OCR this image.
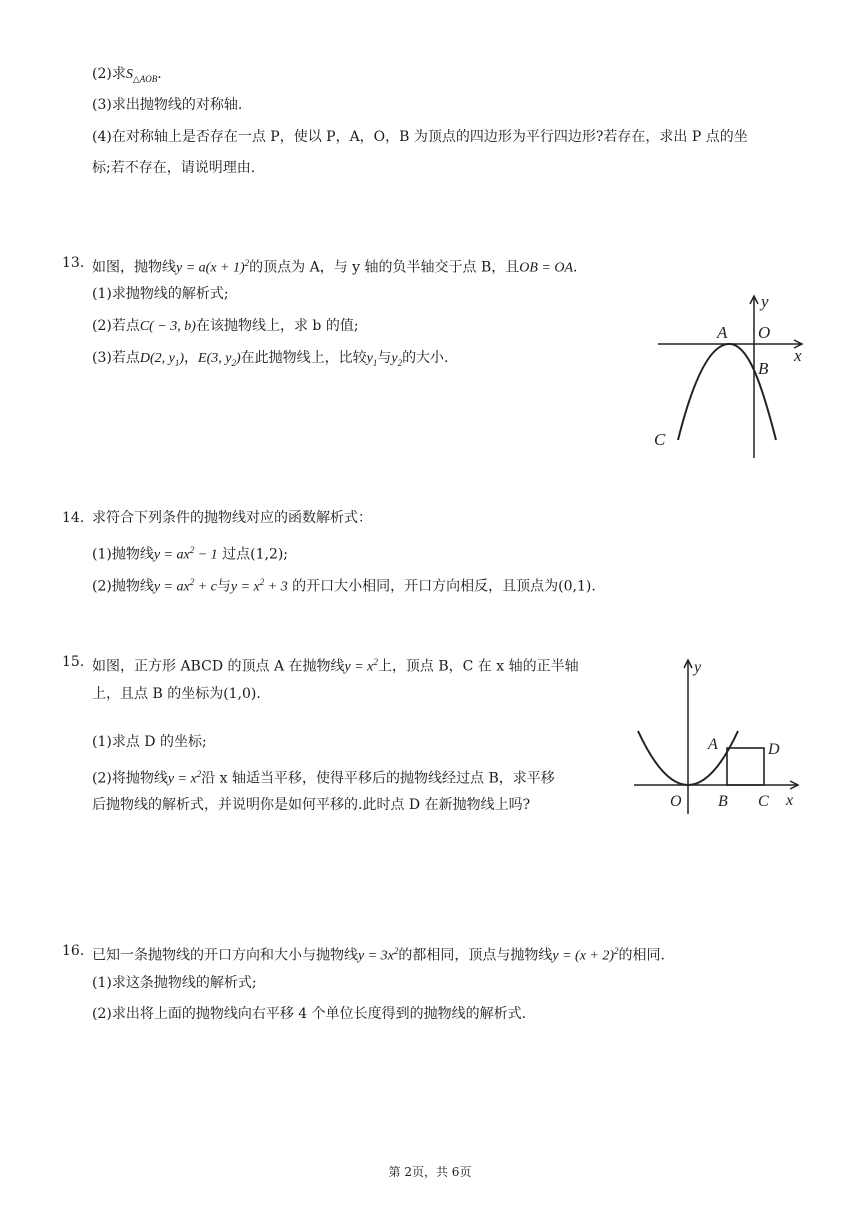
(2)求$S_{\triangle AOB}$.
(3)求出抛物线的对称轴.
(4)在对称轴上是否存在一点 P，使以 P，A，O，B 为顶点的四边形为平行四边形?若存在，求出 P 点的坐
标;若不存在，请说明理由.
13. 如图，抛物线$y = a(x + 1)^2$的顶点为 A，与 y 轴的负半轴交于点 B，且OB = OA.
(1)求抛物线的解析式;
(2)若点C( − 3, b)在该抛物线上，求 b 的值;
(3)若点D(2, $y_1$)，E(3, $y_2$)在此抛物线上，比较$y_1$与$y_2$的大小.
A O
B
C
x
y
14. 求符合下列条件的抛物线对应的函数解析式：
(1)抛物线$y = ax^2 - 1$ 过点(1,2);
(2)抛物线$y = ax^2 + c$与$y = x^2 + 3$ 的开口大小相同，开口方向相反，且顶点为(0,1).
15. 如图，正方形 ABCD 的顶点 A 在抛物线$y = x^2$上，顶点 B，C 在 x 轴的正半轴
上，且点 B 的坐标为(1,0).
(1)求点 D 的坐标;
(2)将抛物线$y = x^2$沿 x 轴适当平移，使得平移后的抛物线经过点 B，求平移
后抛物线的解析式，并说明你是如何平移的.此时点 D 在新抛物线上吗?
A	D
O B C x
y
16. 已知一条抛物线的开口方向和大小与抛物线$y = 3x^2$的都相同，顶点与抛物线$y = (x + 2)^2$的相同.
(1)求这条抛物线的解析式;
(2)求出将上面的抛物线向右平移 4 个单位长度得到的抛物线的解析式.
第 2页，共 6页
